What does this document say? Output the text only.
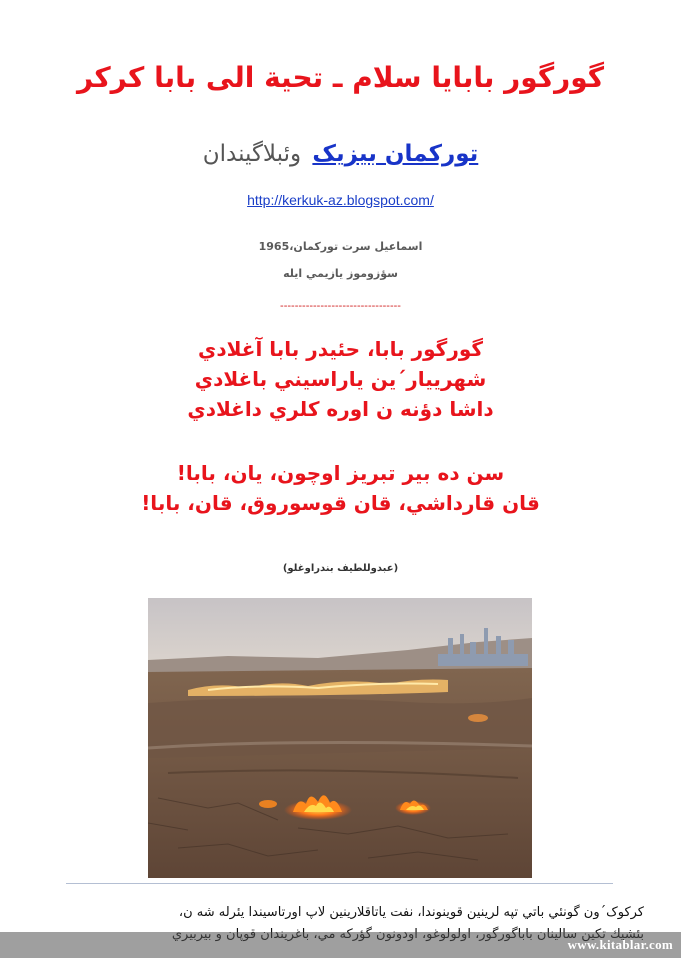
گورگور بابایا سلام ـ تحیة الی بابا کرکر
تورکمان بیزیک وئبلاگیندان
http://kerkuk-az.blogspot.com/
اسماعیل سرت تورکمان،1965
سؤزوموز یازیمي ایله
---------------------------------
گورگور بابا، حئیدر بابا آغلادي
شهرییار´ین یاراسیني باغلادي
داشا دؤنه ن اوره کلري داغلادي
سن ده بیر تبریز اوچون، یان، بابا!
قان قارداشي، قان قوسوروق، قان، بابا!
(عبدوللطیف بندراوغلو)
کرکوک´ون گونئي باتي تپه لرینین قوینوندا، نفت یاتاقلارینین لاپ اورتاسیندا یئرله شه ن،
www.kitablar.com
